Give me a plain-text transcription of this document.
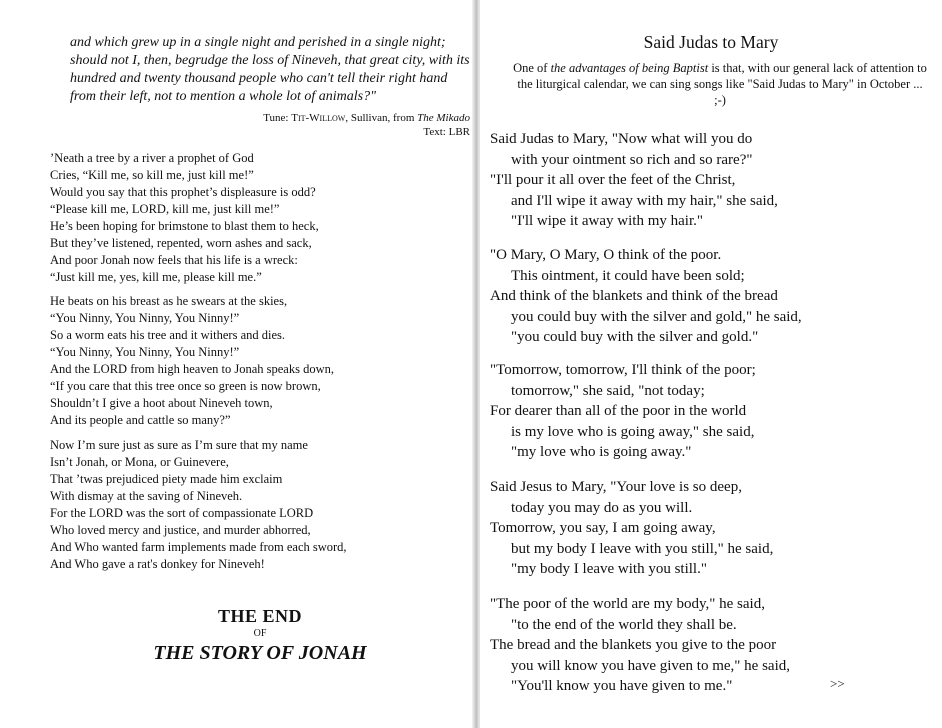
and which grew up in a single night and perished in a single night; should not I, then, begrudge the loss of Nineveh, that great city, with its hundred and twenty thousand people who can't tell their right hand from their left, not to mention a whole lot of animals?"

Tune: Tit-Willow, Sullivan, from The Mikado
Text: LBR

’Neath a tree by a river a prophet of God
Cries, “Kill me, so kill me, just kill me!”
Would you say that this prophet’s displeasure is odd?
“Please kill me, LORD, kill me, just kill me!”
He’s been hoping for brimstone to blast them to heck,
But they’ve listened, repented, worn ashes and sack,
And poor Jonah now feels that his life is a wreck:
“Just kill me, yes, kill me, please kill me.”
He beats on his breast as he swears at the skies,
“You Ninny, You Ninny, You Ninny!”
So a worm eats his tree and it withers and dies.
“You Ninny, You Ninny, You Ninny!”
And the LORD from high heaven to Jonah speaks down,
“If you care that this tree once so green is now brown,
Shouldn’t I give a hoot about Nineveh town,
And its people and cattle so many?”
Now I’m sure just as sure as I’m sure that my name
Isn’t Jonah, or Mona, or Guinevere,
That ’twas prejudiced piety made him exclaim
With dismay at the saving of Nineveh.
For the LORD was the sort of compassionate LORD
Who loved mercy and justice, and murder abhorred,
And Who wanted farm implements made from each sword,
And Who gave a rat's donkey for Nineveh!
THE END
OF
THE STORY OF JONAH
Said Judas to Mary

One of the advantages of being Baptist is that, with our general lack of attention to the liturgical calendar, we can sing songs like "Said Judas to Mary" in October ... ;-)

Said Judas to Mary, "Now what will you do
with your ointment so rich and so rare?"
"I'll pour it all over the feet of the Christ,
and I'll wipe it away with my hair," she said,
"I'll wipe it away with my hair."
"O Mary, O Mary, O think of the poor.
This ointment, it could have been sold;
And think of the blankets and think of the bread
you could buy with the silver and gold," he said,
"you could buy with the silver and gold."
"Tomorrow, tomorrow, I'll think of the poor;
tomorrow," she said, "not today;
For dearer than all of the poor in the world
is my love who is going away," she said,
"my love who is going away."
Said Jesus to Mary, "Your love is so deep,
today you may do as you will.
Tomorrow, you say, I am going away,
but my body I leave with you still," he said,
"my body I leave with you still."
"The poor of the world are my body," he said,
"to the end of the world they shall be.
The bread and the blankets you give to the poor
you will know you have given to me," he said,
"You'll know you have given to me."	>>
